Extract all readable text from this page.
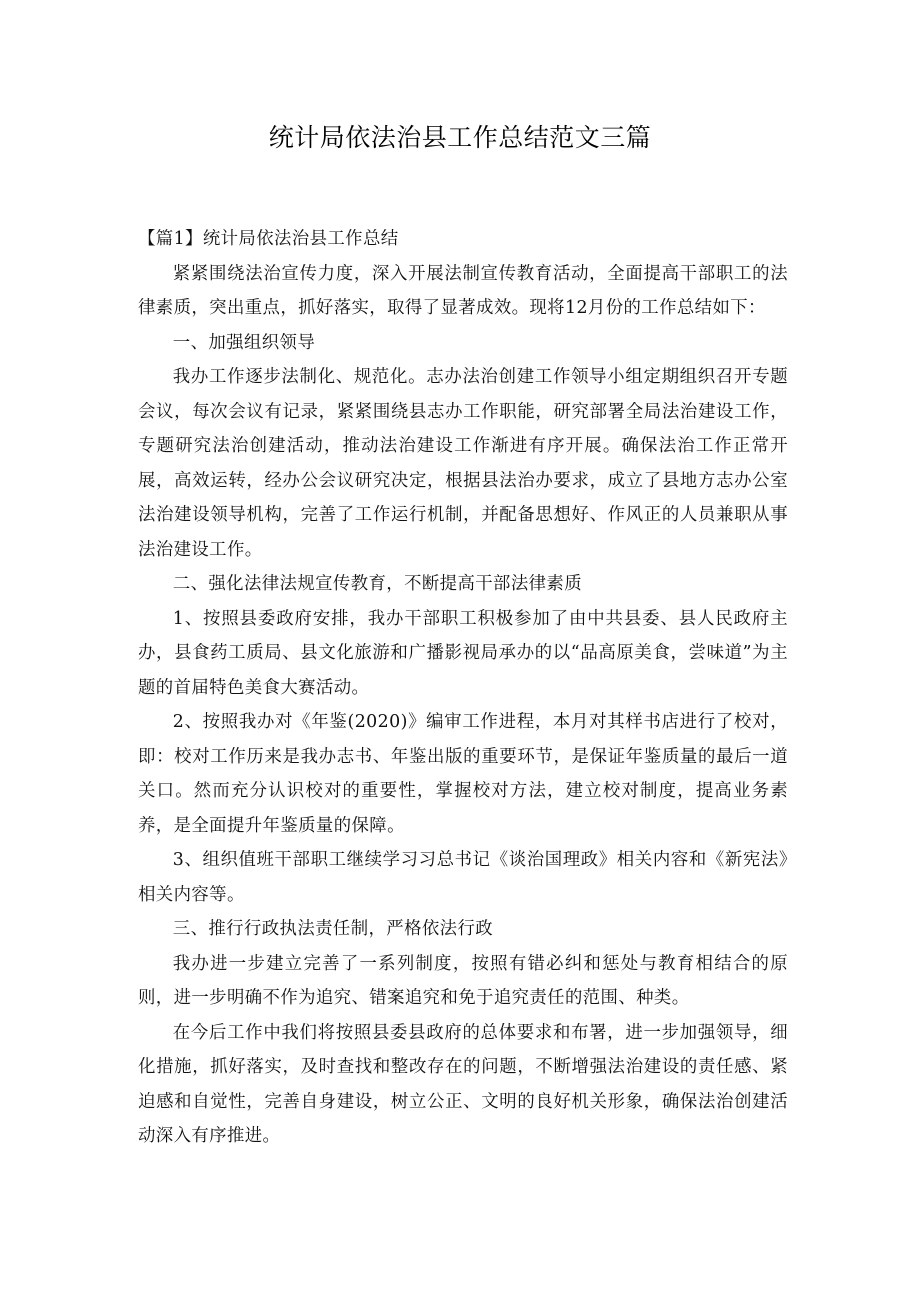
统计局依法治县工作总结范文三篇

【篇1】统计局依法治县工作总结

紧紧围绕法治宣传力度，深入开展法制宣传教育活动，全面提高干部职工的法律素质，突出重点，抓好落实，取得了显著成效。现将12月份的工作总结如下：

一、加强组织领导

我办工作逐步法制化、规范化。志办法治创建工作领导小组定期组织召开专题会议，每次会议有记录，紧紧围绕县志办工作职能，研究部署全局法治建设工作，专题研究法治创建活动，推动法治建设工作渐进有序开展。确保法治工作正常开展，高效运转，经办公会议研究决定，根据县法治办要求，成立了县地方志办公室法治建设领导机构，完善了工作运行机制，并配备思想好、作风正的人员兼职从事法治建设工作。

二、强化法律法规宣传教育，不断提高干部法律素质

1、按照县委政府安排，我办干部职工积极参加了由中共县委、县人民政府主办，县食药工质局、县文化旅游和广播影视局承办的以“品高原美食，尝味道”为主题的首届特色美食大赛活动。

2、按照我办对《年鉴(2020)》编审工作进程，本月对其样书店进行了校对，即：校对工作历来是我办志书、年鉴出版的重要环节，是保证年鉴质量的最后一道关口。然而充分认识校对的重要性，掌握校对方法，建立校对制度，提高业务素养，是全面提升年鉴质量的保障。

3、组织值班干部职工继续学习习总书记《谈治国理政》相关内容和《新宪法》相关内容等。

三、推行行政执法责任制，严格依法行政

我办进一步建立完善了一系列制度，按照有错必纠和惩处与教育相结合的原则，进一步明确不作为追究、错案追究和免于追究责任的范围、种类。

在今后工作中我们将按照县委县政府的总体要求和布署，进一步加强领导，细化措施，抓好落实，及时查找和整改存在的问题，不断增强法治建设的责任感、紧迫感和自觉性，完善自身建设，树立公正、文明的良好机关形象，确保法治创建活动深入有序推进。
